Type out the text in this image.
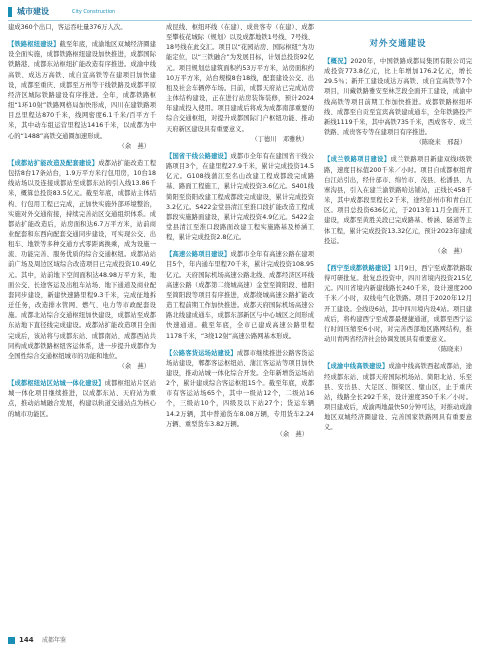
城市建设	City Construction

建成360个出口，客运吞吐量376万人次。

【铁路枢纽建设】截至年底，成渝地区双城经济圈建设全面实施，成都铁路枢纽建设加快推进，成都国际铁路港、成都东站枢纽扩能改造有序推进。成渝中线高铁、成达万高铁、成自宜高铁等在建项目加快建设，成都至重庆、成都至万州等干线铁路及成都平原经济区城际铁路建设有序推进。全年，成都铁路枢纽“1环10射”铁路网格局加快形成，四川在建铁路项目总里程达870千米，线网密度6.1千米/百平方千米，其中动车组运营里程达1416千米，以成都为中心的“1488”高铁交通圈加速形成。

（余　燕）

【成都站扩能改造及配套建设】成都站扩能改造工程包括8台17条站台，1.9万平方米行包用房，10台18线站场以及连接成都站至成都东站的引入线13.86千米，概算总投资83.5亿元。截至年底，成都站主体结构、行包用工程已完成，正加快实施外部环境整治，实施对外交通衔接，持续完善站区交通组织体系。成都站扩能改造后，站房面积达6.7万平方米，站前商业配套和东西向配套交通同步建设，可实现公交、出租车、地铁等多种交通方式零距离换乘，成为设施一流、功能完善、服务优质的综合交通枢纽。成都站站前广场及周边区域综合改造项目已完成投资10.49亿元。其中，站前地下空间面积达48.98万平方米，地面公交、长途客运及出租车站场、地下通道及商业配套同步建设，新建快速路里程9.3千米，完成征地拆迁任务，改造排水管网、燃气、电力等市政配套设施。成都北站综合交通枢纽加快建设，成都站至成都东站地下直径线完成建设。成都站扩能改造项目全面完成后，该站将与成都东站、成都南站、成都西站共同构成成都铁路枢纽客运体系，进一步提升成都作为全国性综合交通枢纽城市的功能和地位。

（余　燕）

【成都枢纽站区站城一体化建设】成都枢纽站片区站城一体化项目继续推进，以成都东站、天府站为重点，推动站城融合发展，构建以轨道交通站点为核心的城市功能区。

成昆线、枢纽环线（在建）、成贵客专（在建）、成都至攀枝花城际（规划）以及成都地铁1号线、7号线、18号线在此交汇。项目以“花园站房、国际枢纽”为功能定位，以“三铁融合”为发展目标，计划总投资92亿元。项目规划总建筑面积约53万平方米，站房面积约10万平方米，站台规模8台18线，配套建设公交、出租及社会车辆停车场。目前，成都天府站已完成站房主体结构建设，正在进行站房装饰装修，预计2024年建成投入使用。项目建成后将成为成都南部重要的综合交通枢纽，对提升成都国际门户枢纽功能、推动天府新区建设具有重要意义。

（丁德川　邓雅秋）

【国省干线公路建设】成都市全年有在建国省干线公路项目3个，在建里程27.9千米，累计完成投资14.5亿元。G108线蒲江至名山改建工程成都段完成路基、路面工程施工，累计完成投资3.6亿元。S401线简阳至资阳改建工程成都段完成建设，累计完成投资3.2亿元。S422金堂县清江至淮口段扩能改造工程成都段实施路面建设，累计完成投资4.9亿元。S422金堂县清江至淮口段路面改建工程实施路基及桥涵工程，累计完成投资2.8亿元。

【高速公路项目建设】成都市全年有高速公路在建项目5个，年内通车里程70千米，累计完成投资108.95亿元。天府国际机场高速公路北线、成都经济区环线高速公路（成都第二绕城高速）金堂至简阳段、德阳至简阳段等项目有序推进，成都绕城高速公路扩能改造工程前期工作加快推进。成都天府国际机场高速公路北线建成通车，成都东部新区与中心城区之间形成快速通道。截至年底，全市已建成高速公路里程1178千米，“3绕12射”高速公路网基本形成。

【公路客货运场站建设】成都市继续推进公路客货运场站建设，郫都客运枢纽站、蒲江客运站等项目加快建设，推动站城一体化综合开发。全年新增货运场站2个，累计建成综合客运枢纽15个。截至年底，成都市有客运站场65个，其中一级站12个，二级站16个，三级站10个，四级及以下站27个；货运车辆14.2万辆，其中普通货车8.08万辆，专用货车2.24万辆、重型货车3.82万辆。

（余　燕）

对外交通建设

【概况】2020年，中国铁路成都局集团有限公司完成投资773.8亿元，比上年增加176.2亿元，增长29.5％；新开工建设成达万高铁、成自宜高铁等7个项目，川藏铁路雅安至林芝段全面开工建设，成渝中线高铁等项目前期工作加快推进。成都铁路枢纽环线、成都至自贡至宜宾高铁建成通车，全年铁路投产新线1119千米，其中高铁735千米，西成客专、成兰铁路、成贵客专等在建项目有序推进。

（陈晓来　邢磊）

【成兰铁路项目建设】成兰铁路项目新建双线I级铁路，速度目标值200千米／小时。项目自成都枢纽青白江站引出，经什邡市、绵竹市、茂县、松潘县、九寨沟县，引入在建兰渝铁路哈达铺站，正线长458千米，其中成都段里程长2千米，途经彭州市和青白江区。项目总投资636亿元，于2013年11月全面开工建设，成都至黄胜关段已完成路基、桥涵、隧道等主体工程，累计完成投资13.32亿元，预计2023年建成投运。

（余　燕）

【西宁至成都铁路建设】1月9日，西宁至成都铁路取得可研批复。批复总投资中，四川省境内投资215亿元。四川省境内新建线路长240千米，设计速度200千米／小时，双线电气化铁路。项目于2020年12月开工建设。全线设6站，其中四川境内设4站。项目建成后，将构建西宁至成都最便捷通道，成都至西宁运行时间压缩至6小时，对完善西部地区路网结构，推动川青两省经济社会协调发展具有重要意义。

（陈晓来）

【成渝中线高铁建设】成渝中线高铁西起成都站，途经成都东站、成都天府国际机场站、简阳北站、乐至县、安岳县、大足区、铜梁区、璧山区，止于重庆站，线路全长292千米，设计速度350千米／小时。项目建成后，成渝两地最快50分钟可达，对推动成渝地区双城经济圈建设、完善国家铁路网具有重要意义。

144 成都年鉴
